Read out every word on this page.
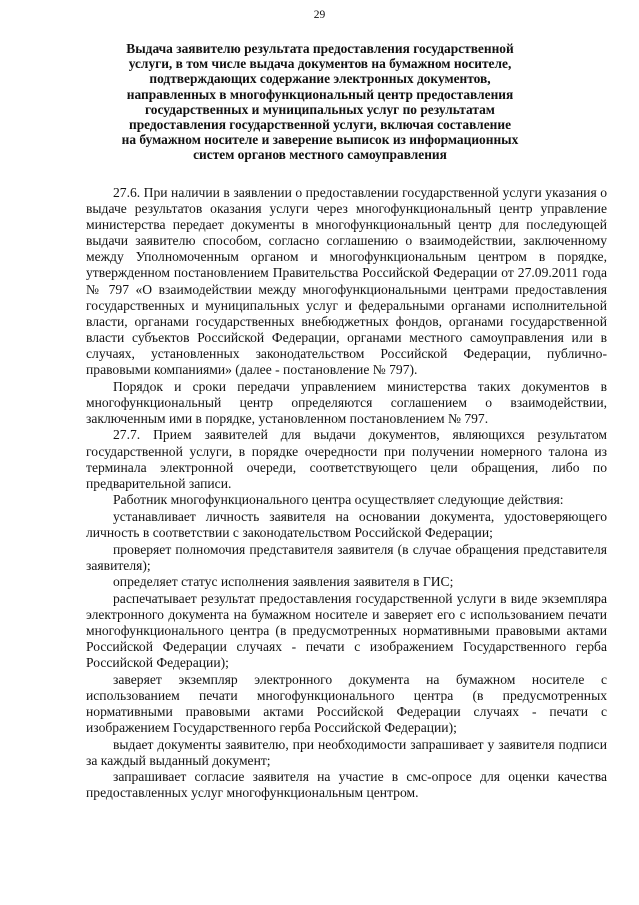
29
Выдача заявителю результата предоставления государственной
услуги, в том числе выдача документов на бумажном носителе,
подтверждающих содержание электронных документов,
направленных в многофункциональный центр предоставления
государственных и муниципальных услуг по результатам
предоставления государственной услуги, включая составление
на бумажном носителе и заверение выписок из информационных
систем органов местного самоуправления

27.6. При наличии в заявлении о предоставлении государственной услуги указания о выдаче результатов оказания услуги через многофункциональный центр управление министерства передает документы в многофункциональный центр для последующей выдачи заявителю способом, согласно соглашению о взаимодействии, заключенному между Уполномоченным органом и многофункциональным центром в порядке, утвержденном постановлением Правительства Российской Федерации от 27.09.2011 года № 797 «О взаимодействии между многофункциональными центрами предоставления государственных и муниципальных услуг и федеральными органами исполнительной власти, органами государственных внебюджетных фондов, органами государственной власти субъектов Российской Федерации, органами местного самоуправления или в случаях, установленных законодательством Российской Федерации, публично-правовыми компаниями» (далее - постановление № 797).

Порядок и сроки передачи управлением министерства таких документов в многофункциональный центр определяются соглашением о взаимодействии, заключенным ими в порядке, установленном постановлением № 797.

27.7. Прием заявителей для выдачи документов, являющихся результатом государственной услуги, в порядке очередности при получении номерного талона из терминала электронной очереди, соответствующего цели обращения, либо по предварительной записи.

Работник многофункционального центра осуществляет следующие действия:

устанавливает личность заявителя на основании документа, удостоверяющего личность в соответствии с законодательством Российской Федерации;

проверяет полномочия представителя заявителя (в случае обращения представителя заявителя);

определяет статус исполнения заявления заявителя в ГИС;

распечатывает результат предоставления государственной услуги в виде экземпляра электронного документа на бумажном носителе и заверяет его с использованием печати многофункционального центра (в предусмотренных нормативными правовыми актами Российской Федерации случаях - печати с изображением Государственного герба Российской Федерации);

заверяет экземпляр электронного документа на бумажном носителе с использованием печати многофункционального центра (в предусмотренных нормативными правовыми актами Российской Федерации случаях - печати с изображением Государственного герба Российской Федерации);

выдает документы заявителю, при необходимости запрашивает у заявителя подписи за каждый выданный документ;

запрашивает согласие заявителя на участие в смс-опросе для оценки качества предоставленных услуг многофункциональным центром.
